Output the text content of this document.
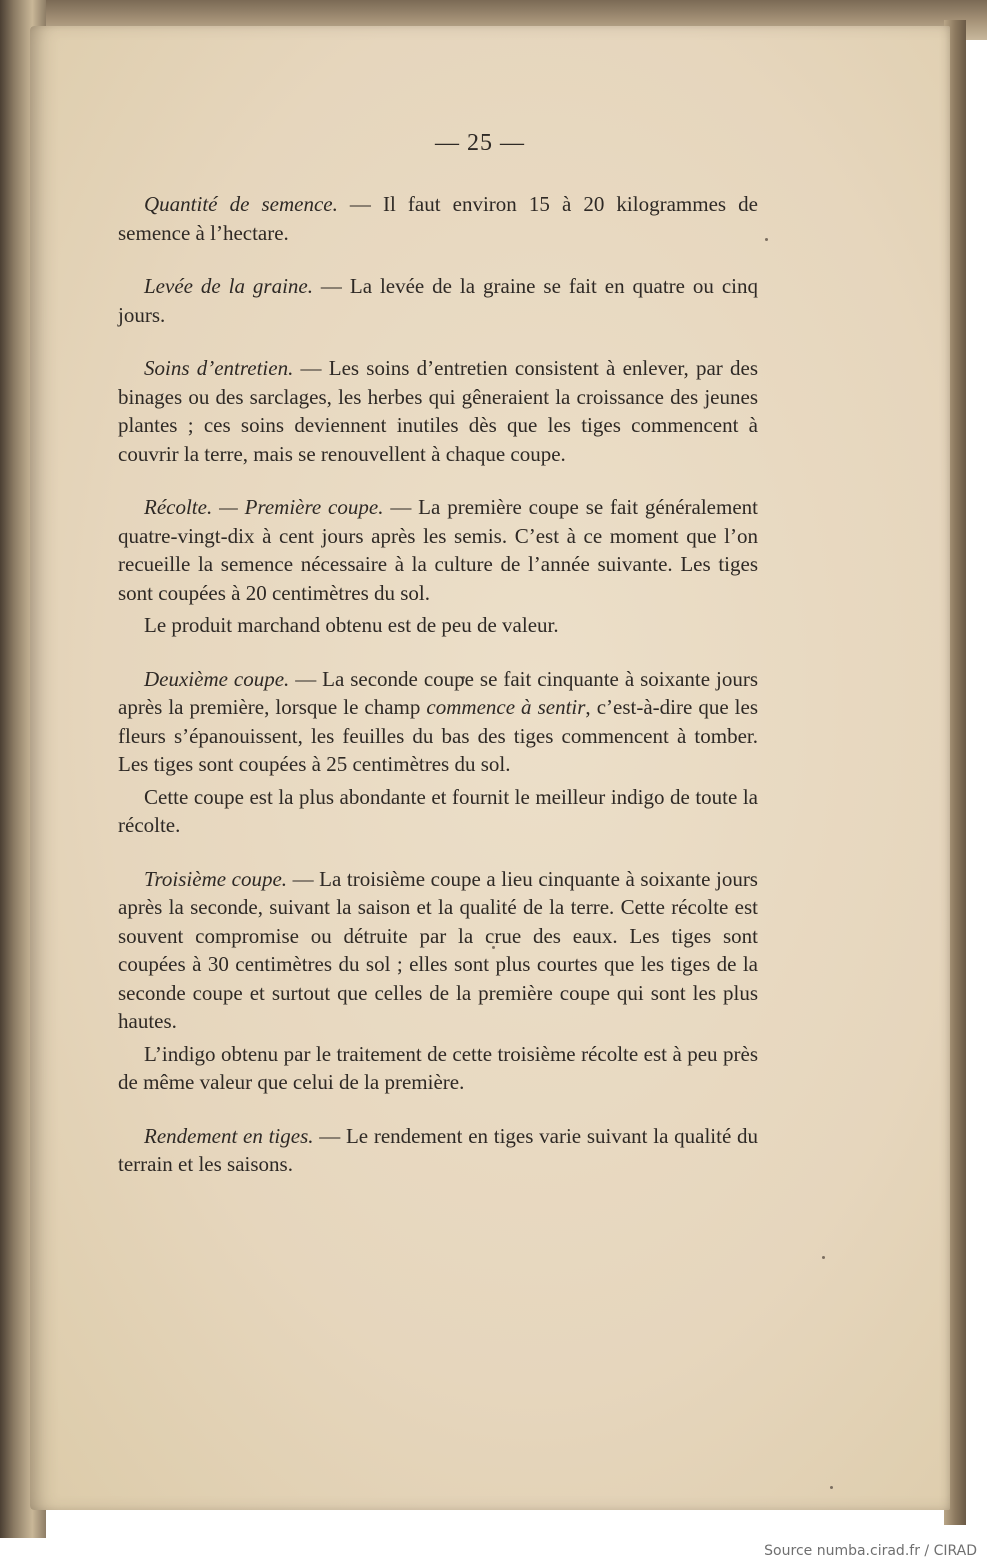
— 25 —

Quantité de semence. — Il faut environ 15 à 20 kilogrammes de semence à l’hectare.

Levée de la graine. — La levée de la graine se fait en quatre ou cinq jours.

Soins d’entretien. — Les soins d’entretien consistent à enlever, par des binages ou des sarclages, les herbes qui gêneraient la croissance des jeunes plantes ; ces soins deviennent inutiles dès que les tiges commencent à couvrir la terre, mais se renouvellent à chaque coupe.

Récolte. — Première coupe. — La première coupe se fait généralement quatre-vingt-dix à cent jours après les semis. C’est à ce moment que l’on recueille la semence nécessaire à la culture de l’année suivante. Les tiges sont coupées à 20 centimètres du sol.

Le produit marchand obtenu est de peu de valeur.

Deuxième coupe. — La seconde coupe se fait cinquante à soixante jours après la première, lorsque le champ commence à sentir, c’est-à-dire que les fleurs s’épanouissent, les feuilles du bas des tiges commencent à tomber. Les tiges sont coupées à 25 centimètres du sol.

Cette coupe est la plus abondante et fournit le meilleur indigo de toute la récolte.

Troisième coupe. — La troisième coupe a lieu cinquante à soixante jours après la seconde, suivant la saison et la qualité de la terre. Cette récolte est souvent compromise ou détruite par la crue des eaux. Les tiges sont coupées à 30 centimètres du sol ; elles sont plus courtes que les tiges de la seconde coupe et surtout que celles de la première coupe qui sont les plus hautes.

L’indigo obtenu par le traitement de cette troisième récolte est à peu près de même valeur que celui de la première.

Rendement en tiges. — Le rendement en tiges varie suivant la qualité du terrain et les saisons.

Source numba.cirad.fr / CIRAD
